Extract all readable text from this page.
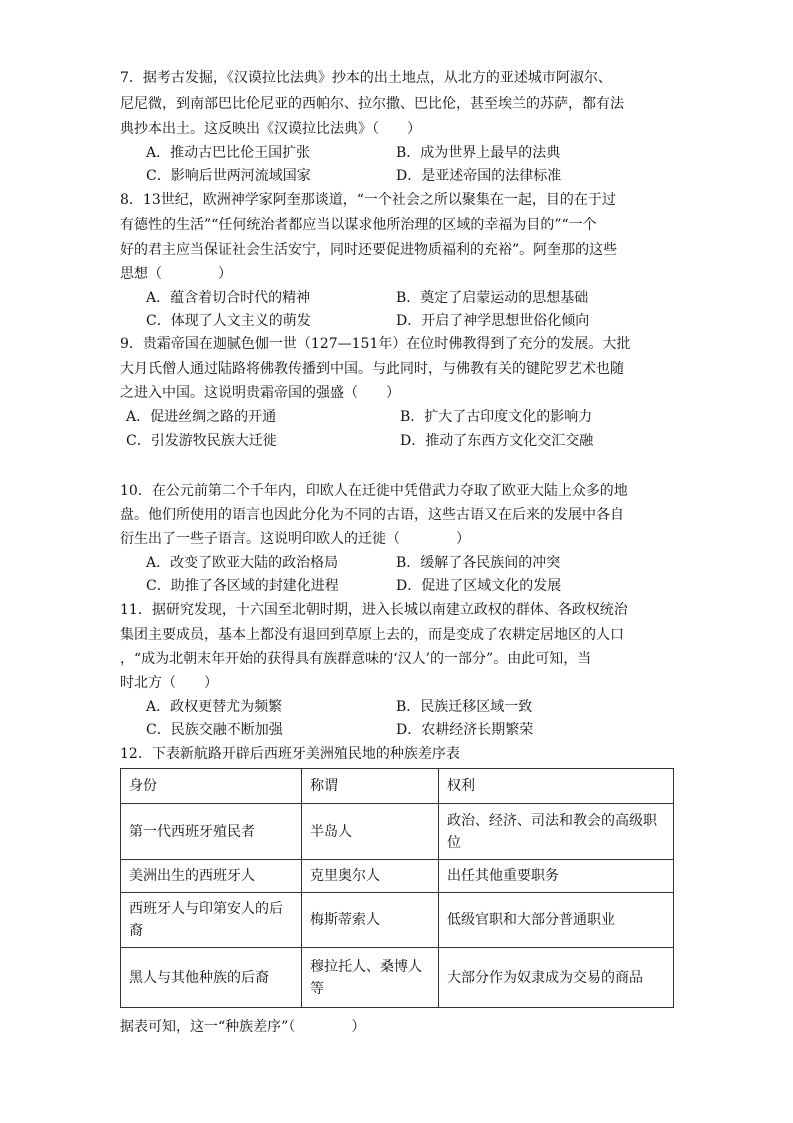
7．据考古发掘，《汉谟拉比法典》抄本的出土地点，从北方的亚述城市阿淑尔、
尼尼微，到南部巴比伦尼亚的西帕尔、拉尔撒、巴比伦，甚至埃兰的苏萨，都有法
典抄本出土。这反映出《汉谟拉比法典》（　　）
A．推动古巴比伦王国扩张	B．成为世界上最早的法典
C．影响后世两河流域国家	D．是亚述帝国的法律标准
8．13世纪，欧洲神学家阿奎那谈道，“一个社会之所以聚集在一起，目的在于过
有德性的生活”“任何统治者都应当以谋求他所治理的区域的幸福为目的”“一个
好的君主应当保证社会生活安宁，同时还要促进物质福利的充裕”。阿奎那的这些
思想（　　　　）
A．蕴含着切合时代的精神	B．奠定了启蒙运动的思想基础
C．体现了人文主义的萌发	D．开启了神学思想世俗化倾向
9．贵霜帝国在迦腻色伽一世（127—151年）在位时佛教得到了充分的发展。大批
大月氏僧人通过陆路将佛教传播到中国。与此同时，与佛教有关的键陀罗艺术也随
之进入中国。这说明贵霜帝国的强盛（　　）
A．促进丝绸之路的开通	B．扩大了古印度文化的影响力
C．引发游牧民族大迁徙	D．推动了东西方文化交汇交融
10．在公元前第二个千年内，印欧人在迁徙中凭借武力夺取了欧亚大陆上众多的地
盘。他们所使用的语言也因此分化为不同的古语，这些古语又在后来的发展中各自
衍生出了一些子语言。这说明印欧人的迁徙（　　　　）
A．改变了欧亚大陆的政治格局	B．缓解了各民族间的冲突
C．助推了各区域的封建化进程	D．促进了区域文化的发展
11．据研究发现，十六国至北朝时期，进入长城以南建立政权的群体、各政权统治
集团主要成员，基本上都没有退回到草原上去的，而是变成了农耕定居地区的人口
，“成为北朝末年开始的获得具有族群意味的‘汉人’的一部分”。由此可知，当
时北方（　　）
A．政权更替尤为频繁	B．民族迁移区域一致
C．民族交融不断加强	D．农耕经济长期繁荣
12．下表新航路开辟后西班牙美洲殖民地的种族差序表
身份	称谓	权利
第一代西班牙殖民者	半岛人	政治、经济、司法和教会的高级职位
美洲出生的西班牙人	克里奥尔人	出任其他重要职务
西班牙人与印第安人的后裔	梅斯蒂索人	低级官职和大部分普通职业
黑人与其他种族的后裔	穆拉托人、桑博人等	大部分作为奴隶成为交易的商品
据表可知，这一“种族差序”（　　　　）
